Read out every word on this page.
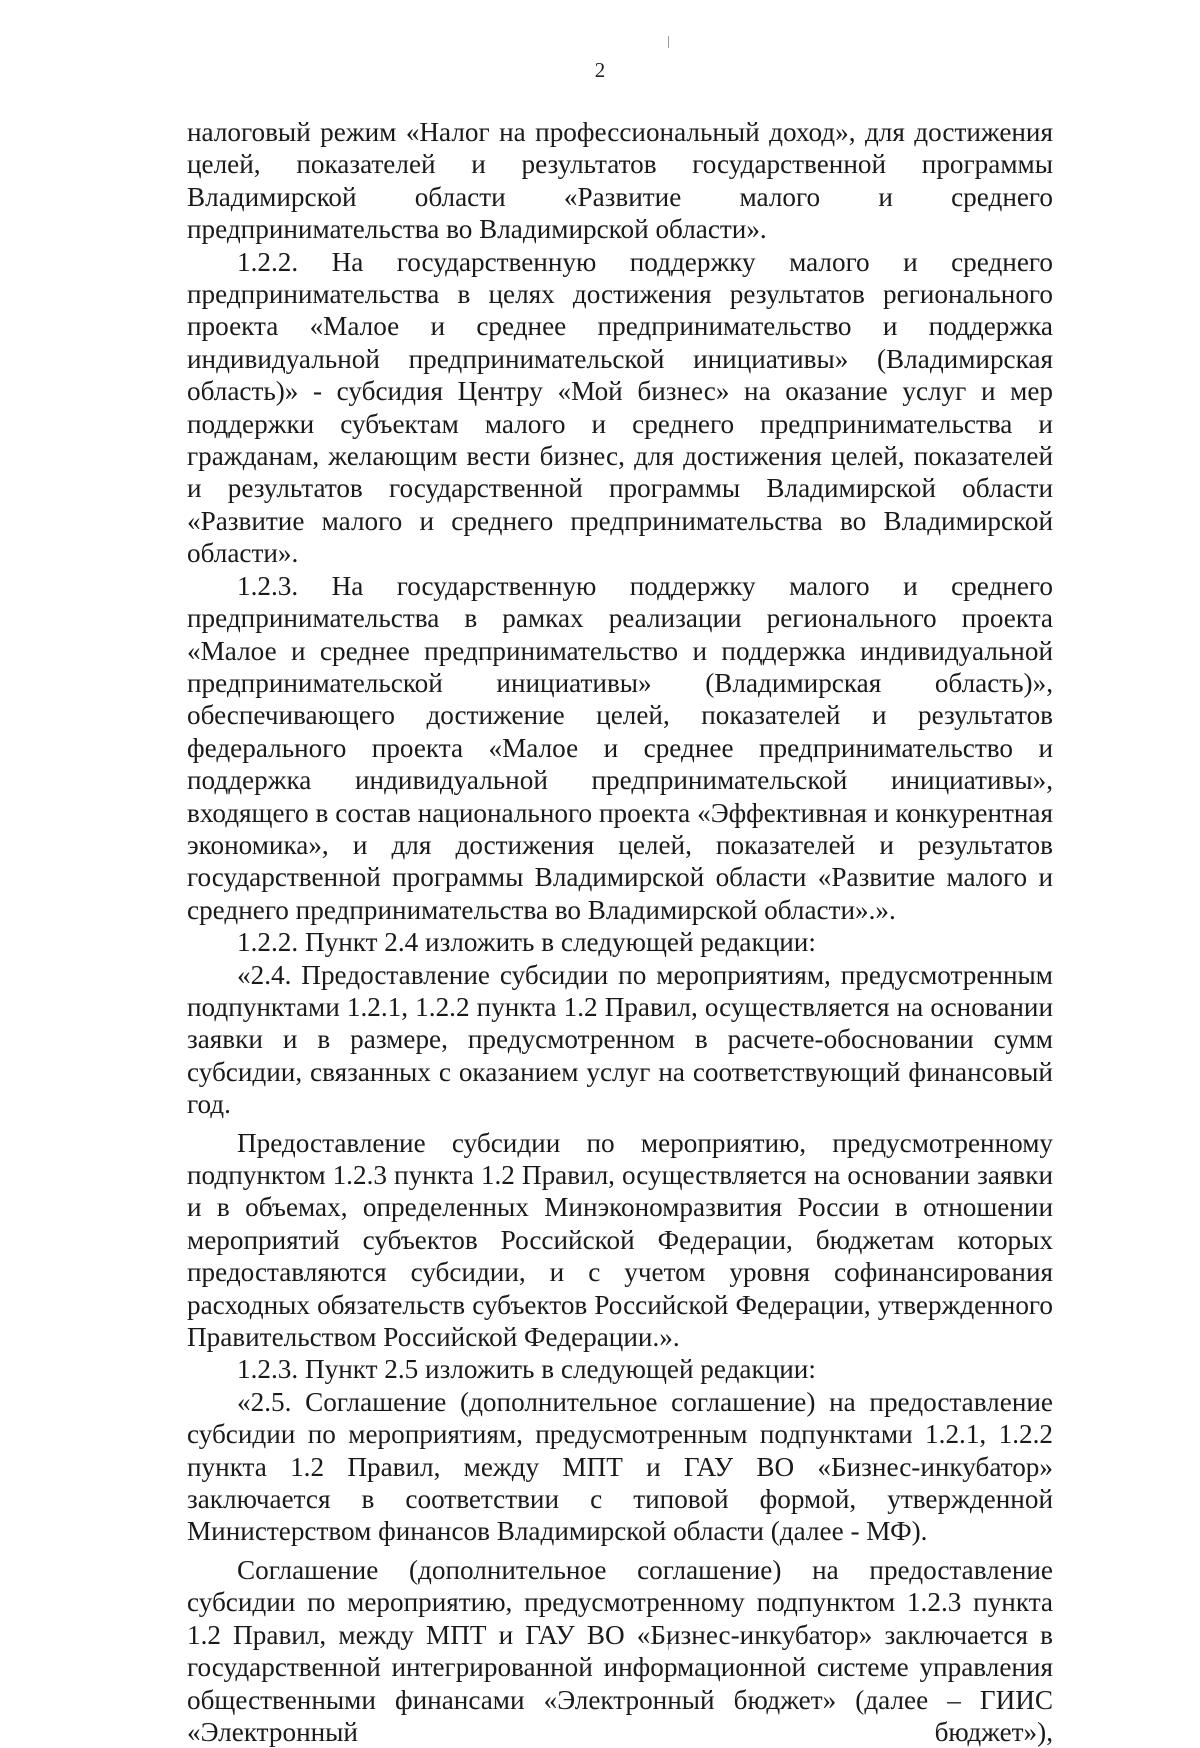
2

налоговый режим «Налог на профессиональный доход», для достижения целей, показателей и результатов государственной программы Владимирской области «Развитие малого и среднего предпринимательства во Владимирской области».

1.2.2. На государственную поддержку малого и среднего предпринимательства в целях достижения результатов регионального проекта «Малое и среднее предпринимательство и поддержка индивидуальной предпринимательской инициативы» (Владимирская область)» - субсидия Центру «Мой бизнес» на оказание услуг и мер поддержки субъектам малого и среднего предпринимательства и гражданам, желающим вести бизнес, для достижения целей, показателей и результатов государственной программы Владимирской области «Развитие малого и среднего предпринимательства во Владимирской области».

1.2.3. На государственную поддержку малого и среднего предпринимательства в рамках реализации регионального проекта «Малое и среднее предпринимательство и поддержка индивидуальной предпринимательской инициативы» (Владимирская область)», обеспечивающего достижение целей, показателей и результатов федерального проекта «Малое и среднее предпринимательство и поддержка индивидуальной предпринимательской инициативы», входящего в состав национального проекта «Эффективная и конкурентная экономика», и для достижения целей, показателей и результатов государственной программы Владимирской области «Развитие малого и среднего предпринимательства во Владимирской области».».

1.2.2. Пункт 2.4 изложить в следующей редакции:

«2.4. Предоставление субсидии по мероприятиям, предусмотренным подпунктами 1.2.1, 1.2.2 пункта 1.2 Правил, осуществляется на основании заявки и в размере, предусмотренном в расчете-обосновании сумм субсидии, связанных с оказанием услуг на соответствующий финансовый год.

Предоставление субсидии по мероприятию, предусмотренному подпунктом 1.2.3 пункта 1.2 Правил, осуществляется на основании заявки и в объемах, определенных Минэкономразвития России в отношении мероприятий субъектов Российской Федерации, бюджетам которых предоставляются субсидии, и с учетом уровня софинансирования расходных обязательств субъектов Российской Федерации, утвержденного Правительством Российской Федерации.».

1.2.3. Пункт 2.5 изложить в следующей редакции:

«2.5. Соглашение (дополнительное соглашение) на предоставление субсидии по мероприятиям, предусмотренным подпунктами 1.2.1, 1.2.2 пункта 1.2 Правил, между МПТ и ГАУ ВО «Бизнес-инкубатор» заключается в соответствии с типовой формой, утвержденной Министерством финансов Владимирской области (далее - МФ).

Соглашение (дополнительное соглашение) на предоставление субсидии по мероприятию, предусмотренному подпунктом 1.2.3 пункта 1.2 Правил, между МПТ и ГАУ ВО «Бизнес-инкубатор» заключается в государственной интегрированной информационной системе управления общественными финансами «Электронный бюджет» (далее – ГИИС «Электронный бюджет»),
